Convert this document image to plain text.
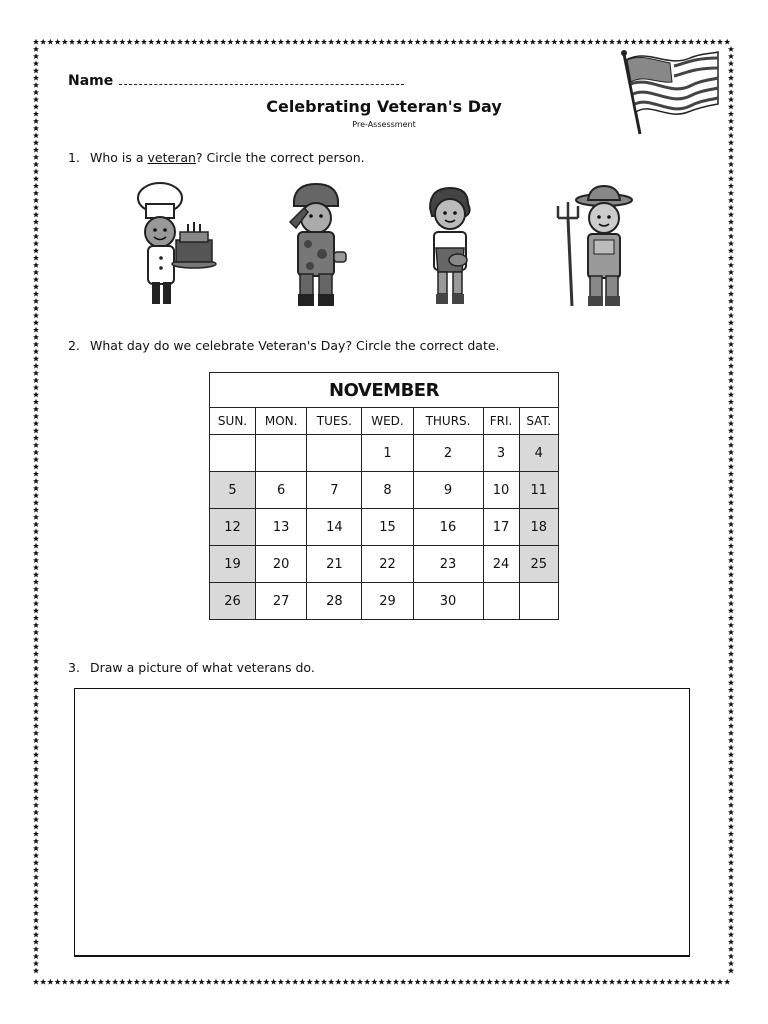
Name
Celebrating Veteran's Day
Pre-Assessment
1. Who is a veteran? Circle the correct person.
2. What day do we celebrate Veteran's Day? Circle the correct date.
NOVEMBER						
SUN.	MON.	TUES.	WED.	THURS.	FRI.	SAT.
			1	2	3	4
5	6	7	8	9	10	11
12	13	14	15	16	17	18
19	20	21	22	23	24	25
26	27	28	29	30		
3. Draw a picture of what veterans do.
